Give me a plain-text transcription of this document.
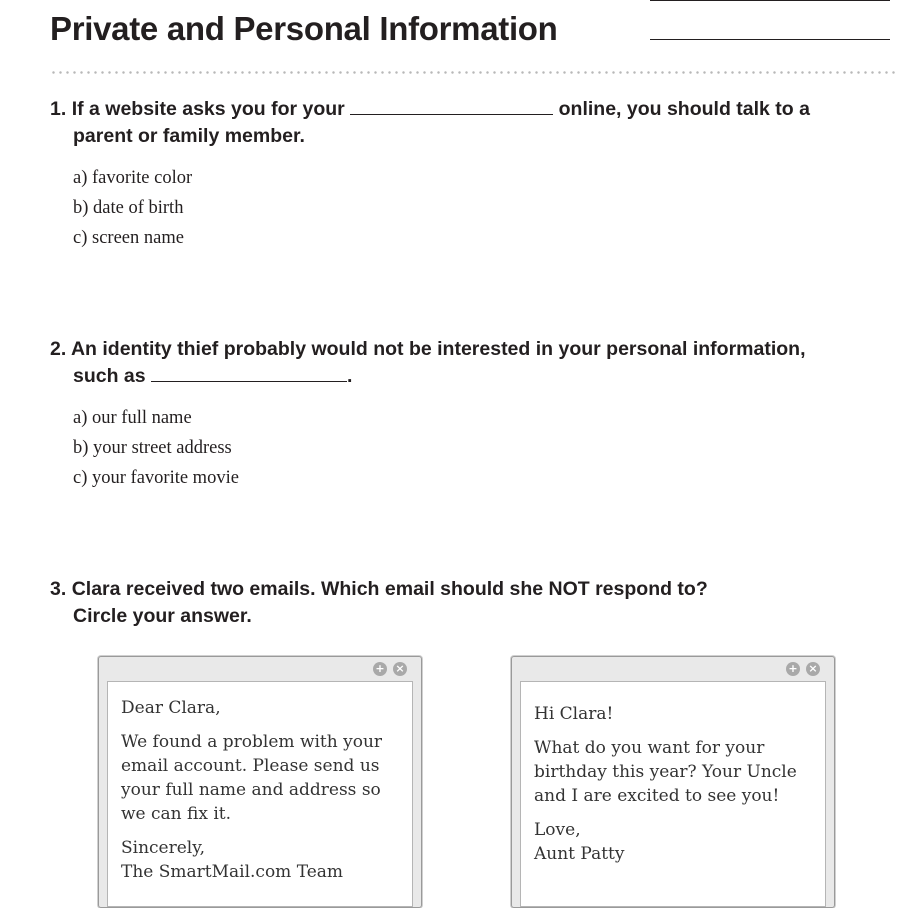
Private and Personal Information
1. If a website asks you for your	online, you should talk to a
parent or family member.
a) favorite color
b) date of birth
c) screen name
2. An identity thief probably would not be interested in your personal information,
such as	.
a) our full name
b) your street address
c) your favorite movie
3. Clara received two emails. Which email should she NOT respond to?
Circle your answer.
+ ×

Dear Clara,

We found a problem with your email account. Please send us your full name and address so we can fix it.

Sincerely,

The SmartMail.com Team

+ ×

Hi Clara!

What do you want for your birthday this year? Your Uncle and I are excited to see you!

Love,

Aunt Patty
